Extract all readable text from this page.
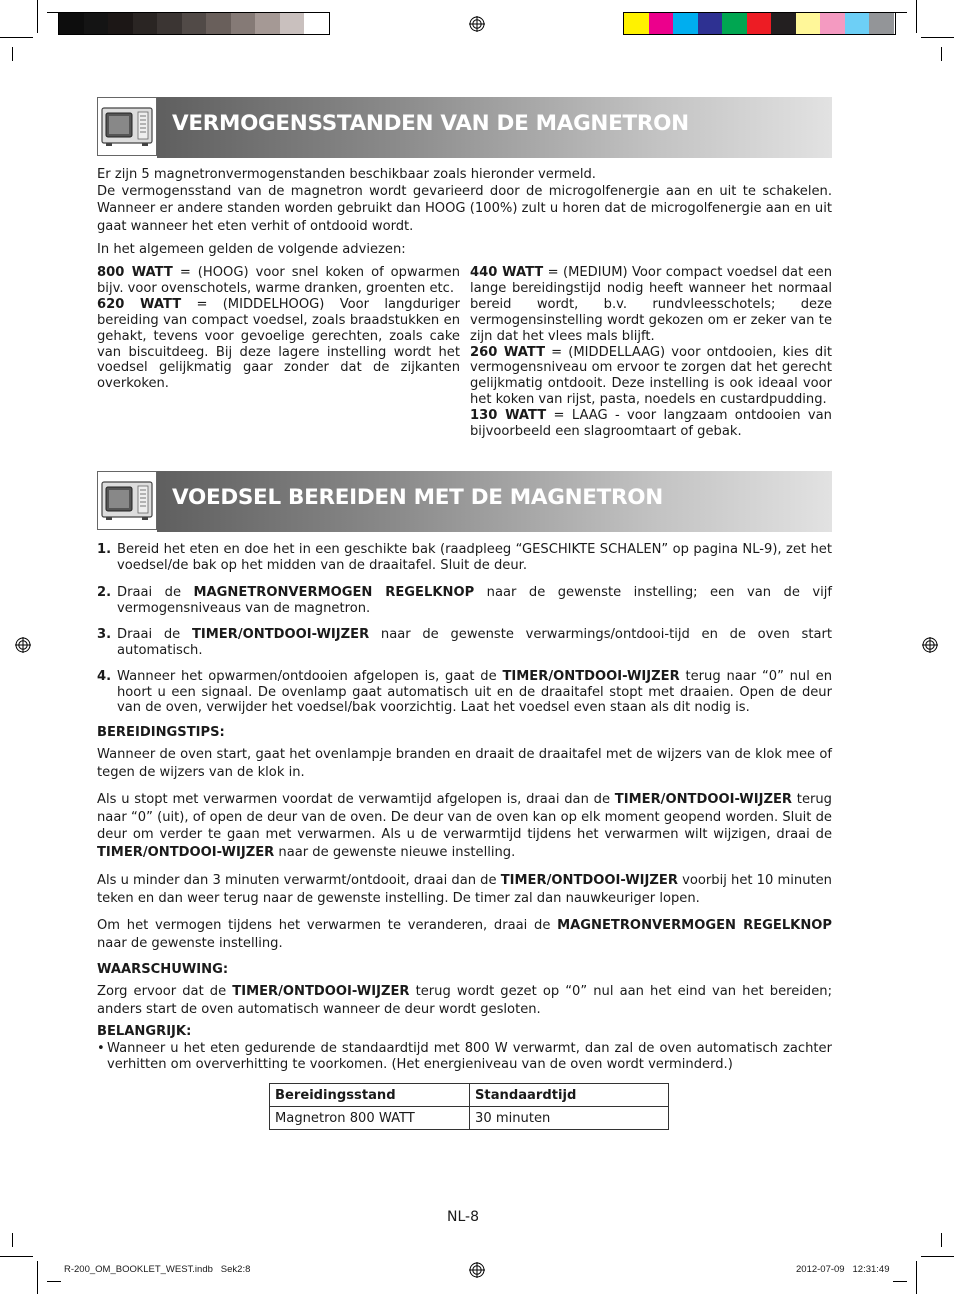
VERMOGENSSTANDEN VAN DE MAGNETRON
Er zijn 5 magnetronvermogenstanden beschikbaar zoals hieronder vermeld.
De vermogensstand van de magnetron wordt gevarieerd door de microgolfenergie aan en uit te schakelen. Wanneer er andere standen worden gebruikt dan HOOG (100%) zult u horen dat de microgolfenergie aan en uit gaat wanneer het eten verhit of ontdooid wordt.
In het algemeen gelden de volgende adviezen:
800 WATT = (HOOG) voor snel koken of opwarmen bijv. voor ovenschotels, warme dranken, groenten etc.
620 WATT = (MIDDELHOOG) Voor langduriger bereiding van compact voedsel, zoals braadstukken en gehakt, tevens voor gevoelige gerechten, zoals cake van biscuitdeeg. Bij deze lagere instelling wordt het voedsel gelijkmatig gaar zonder dat de zijkanten overkoken.
440 WATT = (MEDIUM) Voor compact voedsel dat een lange bereidingstijd nodig heeft wanneer het normaal bereid wordt, b.v. rundvleesschotels; deze vermogensinstelling wordt gekozen om er zeker van te zijn dat het vlees mals blijft.
260 WATT = (MIDDELLAAG) voor ontdooien, kies dit vermogensniveau om ervoor te zorgen dat het gerecht gelijkmatig ontdooit. Deze instelling is ook ideaal voor het koken van rijst, pasta, noedels en custardpudding.
130 WATT = LAAG - voor langzaam ontdooien van bijvoorbeeld een slagroomtaart of gebak.
VOEDSEL BEREIDEN MET DE MAGNETRON
1. Bereid het eten en doe het in een geschikte bak (raadpleeg “GESCHIKTE SCHALEN” op pagina NL-9), zet het voedsel/de bak op het midden van de draaitafel. Sluit de deur.
2. Draai de MAGNETRONVERMOGEN REGELKNOP naar de gewenste instelling; een van de vijf vermogensniveaus van de magnetron.
3. Draai de TIMER/ONTDOOI-WIJZER naar de gewenste verwarmings/ontdooi-tijd en de oven start automatisch.
4. Wanneer het opwarmen/ontdooien afgelopen is, gaat de TIMER/ONTDOOI-WIJZER terug naar “0” nul en hoort u een signaal. De ovenlamp gaat automatisch uit en de draaitafel stopt met draaien. Open de deur van de oven, verwijder het voedsel/bak voorzichtig. Laat het voedsel even staan als dit nodig is.
BEREIDINGSTIPS:
Wanneer de oven start, gaat het ovenlampje branden en draait de draaitafel met de wijzers van de klok mee of tegen de wijzers van de klok in.
Als u stopt met verwarmen voordat de verwamtijd afgelopen is, draai dan de TIMER/ONTDOOI-WIJZER terug naar “0” (uit), of open de deur van de oven. De deur van de oven kan op elk moment geopend worden. Sluit de deur om verder te gaan met verwarmen. Als u de verwarmtijd tijdens het verwarmen wilt wijzigen, draai de TIMER/ONTDOOI-WIJZER naar de gewenste nieuwe instelling.
Als u minder dan 3 minuten verwarmt/ontdooit, draai dan de TIMER/ONTDOOI-WIJZER voorbij het 10 minuten teken en dan weer terug naar de gewenste instelling. De timer zal dan nauwkeuriger lopen.
Om het vermogen tijdens het verwarmen te veranderen, draai de MAGNETRONVERMOGEN REGELKNOP naar de gewenste instelling.
WAARSCHUWING:
Zorg ervoor dat de TIMER/ONTDOOI-WIJZER terug wordt gezet op “0” nul aan het eind van het bereiden; anders start de oven automatisch wanneer de deur wordt gesloten.
BELANGRIJK:
• Wanneer u het eten gedurende de standaardtijd met 800 W verwarmt, dan zal de oven automatisch zachter verhitten om oververhitting te voorkomen. (Het energieniveau van de oven wordt verminderd.)
Bereidingsstand	Standaardtijd
Magnetron 800 WATT	30 minuten
NL-8
R-200_OM_BOOKLET_WEST.indb   Sek2:8	2012-07-09   12:31:49
